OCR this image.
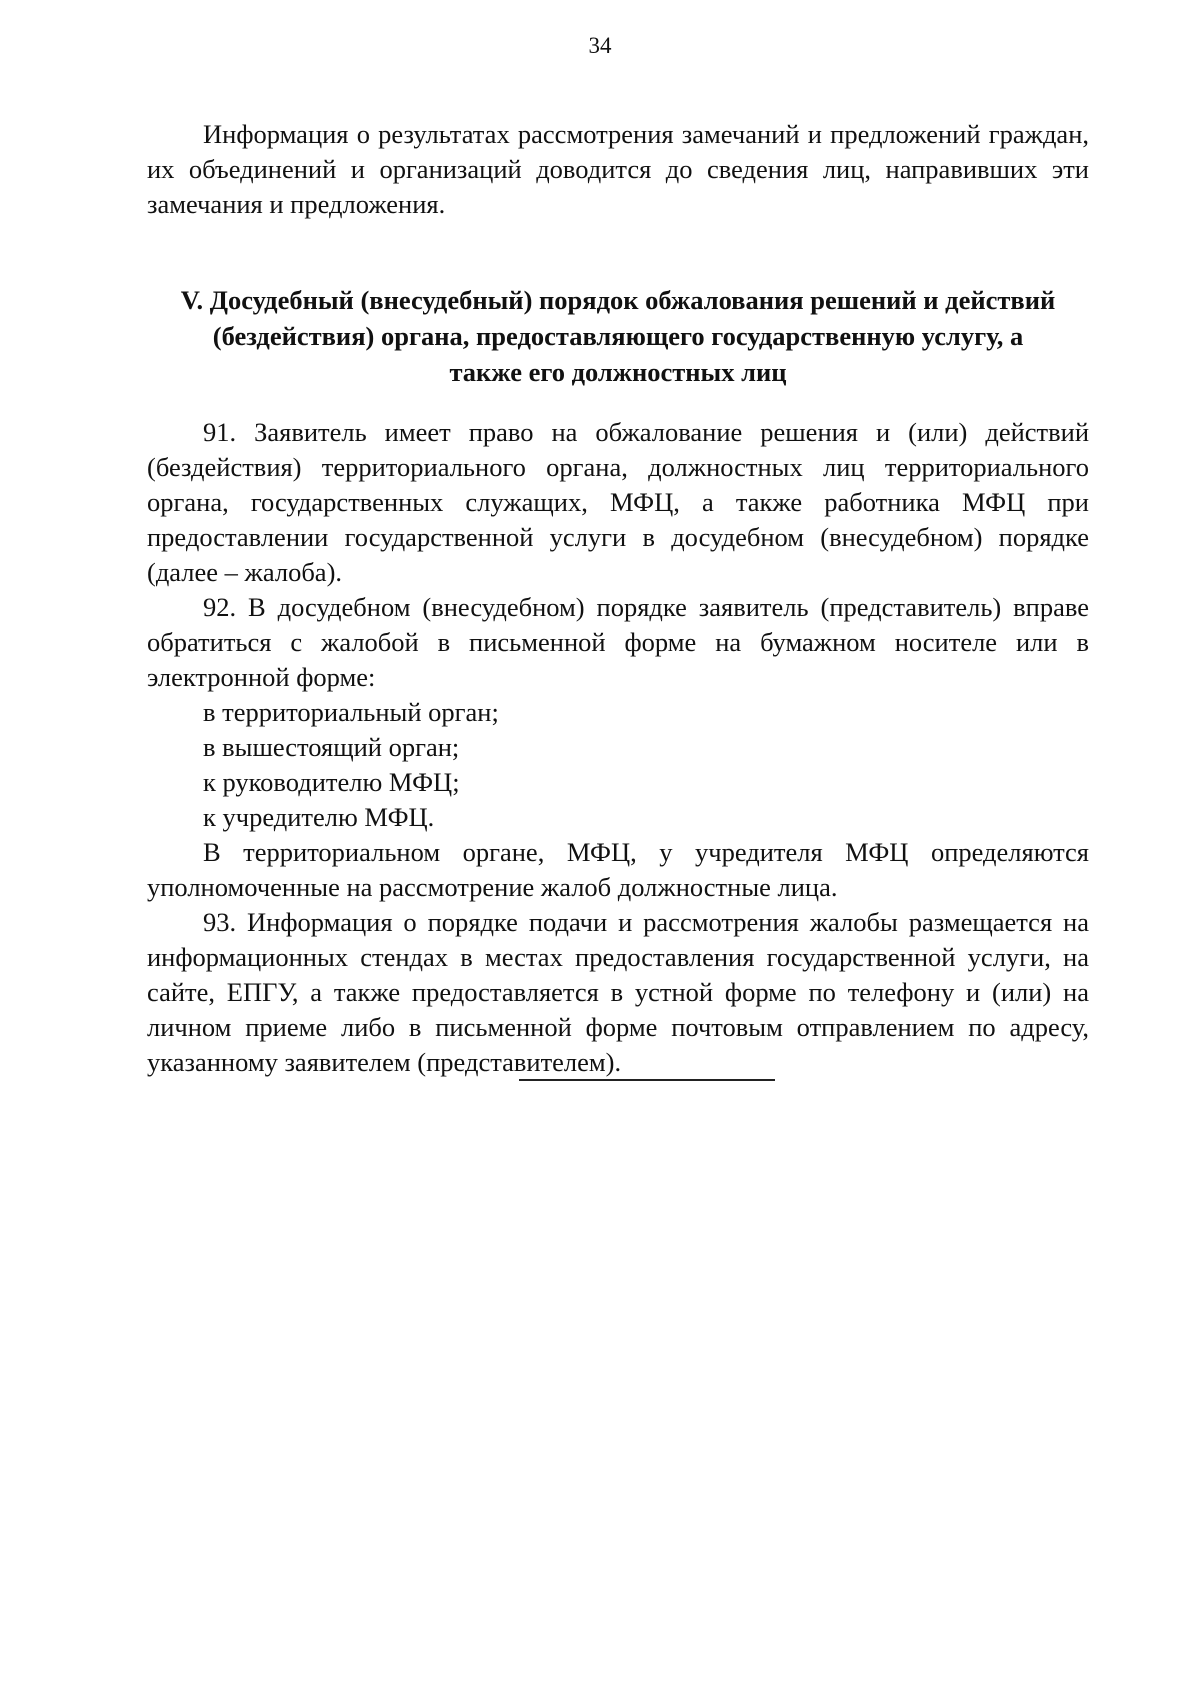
34

Информация о результатах рассмотрения замечаний и предложений граждан, их объединений и организаций доводится до сведения лиц, направивших эти замечания и предложения.

V. Досудебный (внесудебный) порядок обжалования решений и действий
(бездействия) органа, предоставляющего государственную услугу, а
также его должностных лиц

91. Заявитель имеет право на обжалование решения и (или) действий (бездействия) территориального органа, должностных лиц территориального органа, государственных служащих, МФЦ, а также работника МФЦ при предоставлении государственной услуги в досудебном (внесудебном) порядке (далее – жалоба).

92. В досудебном (внесудебном) порядке заявитель (представитель) вправе обратиться с жалобой в письменной форме на бумажном носителе или в электронной форме:

в территориальный орган;

в вышестоящий орган;

к руководителю МФЦ;

к учредителю МФЦ.

В территориальном органе, МФЦ, у учредителя МФЦ определяются уполномоченные на рассмотрение жалоб должностные лица.

93. Информация о порядке подачи и рассмотрения жалобы размещается на информационных стендах в местах предоставления государственной услуги, на сайте, ЕПГУ, а также предоставляется в устной форме по телефону и (или) на личном приеме либо в письменной форме почтовым отправлением по адресу, указанному заявителем (представителем).
